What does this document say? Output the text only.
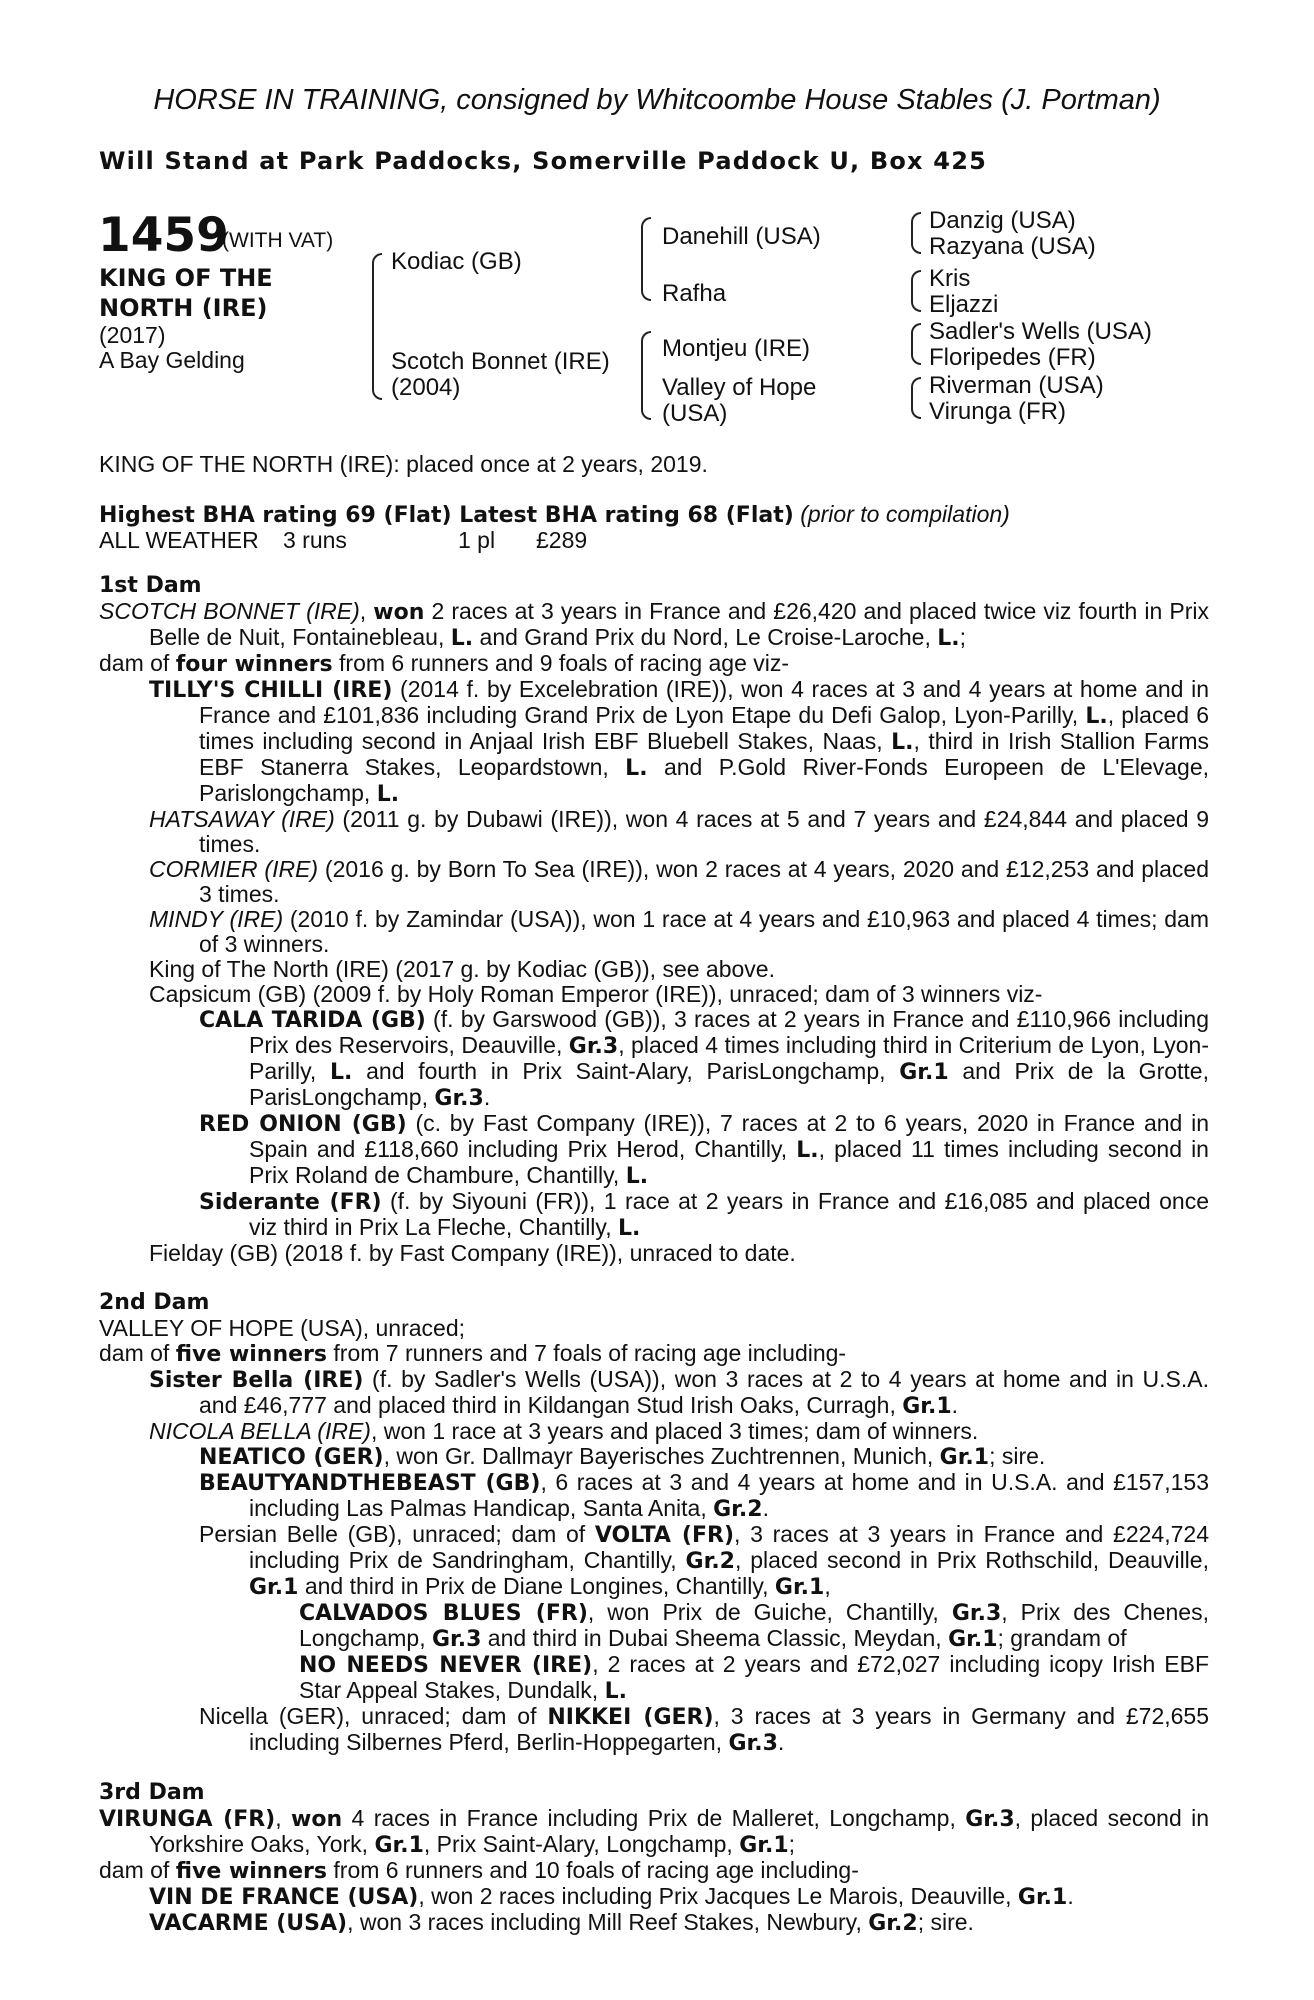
HORSE IN TRAINING, consigned by Whitcoombe House Stables (J. Portman)
Will Stand at Park Paddocks, Somerville Paddock U, Box 425
1459
(WITH VAT)
KING OF THE
NORTH (IRE)
(2017)
A Bay Gelding
Kodiac (GB)
Scotch Bonnet (IRE)
(2004)
Danehill (USA)
Rafha
Montjeu (IRE)
Valley of Hope
(USA)
Danzig (USA)
Razyana (USA)
Kris
Eljazzi
Sadler's Wells (USA)
Floripedes (FR)
Riverman (USA)
Virunga (FR)

KING OF THE NORTH (IRE): placed once at 2 years, 2019.

Highest BHA rating 69 (Flat) Latest BHA rating 68 (Flat) (prior to compilation)

ALL WEATHER 3 runs	1 pl £289

1st Dam

SCOTCH BONNET (IRE), won 2 races at 3 years in France and £26,420 and placed twice viz fourth in Prix Belle de Nuit, Fontainebleau, L. and Grand Prix du Nord, Le Croise-Laroche, L.;

dam of four winners from 6 runners and 9 foals of racing age viz-

TILLY'S CHILLI (IRE) (2014 f. by Excelebration (IRE)), won 4 races at 3 and 4 years at home and in France and £101,836 including Grand Prix de Lyon Etape du Defi Galop, Lyon-Parilly, L., placed 6 times including second in Anjaal Irish EBF Bluebell Stakes, Naas, L., third in Irish Stallion Farms EBF Stanerra Stakes, Leopardstown, L. and P.Gold River-Fonds Europeen de L'Elevage, Parislongchamp, L.

HATSAWAY (IRE) (2011 g. by Dubawi (IRE)), won 4 races at 5 and 7 years and £24,844 and placed 9 times.

CORMIER (IRE) (2016 g. by Born To Sea (IRE)), won 2 races at 4 years, 2020 and £12,253 and placed 3 times.

MINDY (IRE) (2010 f. by Zamindar (USA)), won 1 race at 4 years and £10,963 and placed 4 times; dam of 3 winners.

King of The North (IRE) (2017 g. by Kodiac (GB)), see above.

Capsicum (GB) (2009 f. by Holy Roman Emperor (IRE)), unraced; dam of 3 winners viz-

CALA TARIDA (GB) (f. by Garswood (GB)), 3 races at 2 years in France and £110,966 including Prix des Reservoirs, Deauville, Gr.3, placed 4 times including third in Criterium de Lyon, Lyon-Parilly, L. and fourth in Prix Saint-Alary, ParisLongchamp, Gr.1 and Prix de la Grotte, ParisLongchamp, Gr.3.

RED ONION (GB) (c. by Fast Company (IRE)), 7 races at 2 to 6 years, 2020 in France and in Spain and £118,660 including Prix Herod, Chantilly, L., placed 11 times including second in Prix Roland de Chambure, Chantilly, L.

Siderante (FR) (f. by Siyouni (FR)), 1 race at 2 years in France and £16,085 and placed once viz third in Prix La Fleche, Chantilly, L.

Fielday (GB) (2018 f. by Fast Company (IRE)), unraced to date.

2nd Dam

VALLEY OF HOPE (USA), unraced;

dam of five winners from 7 runners and 7 foals of racing age including-

Sister Bella (IRE) (f. by Sadler's Wells (USA)), won 3 races at 2 to 4 years at home and in U.S.A. and £46,777 and placed third in Kildangan Stud Irish Oaks, Curragh, Gr.1.

NICOLA BELLA (IRE), won 1 race at 3 years and placed 3 times; dam of winners.

NEATICO (GER), won Gr. Dallmayr Bayerisches Zuchtrennen, Munich, Gr.1; sire.

BEAUTYANDTHEBEAST (GB), 6 races at 3 and 4 years at home and in U.S.A. and £157,153 including Las Palmas Handicap, Santa Anita, Gr.2.

Persian Belle (GB), unraced; dam of VOLTA (FR), 3 races at 3 years in France and £224,724 including Prix de Sandringham, Chantilly, Gr.2, placed second in Prix Rothschild, Deauville, Gr.1 and third in Prix de Diane Longines, Chantilly, Gr.1,

CALVADOS BLUES (FR), won Prix de Guiche, Chantilly, Gr.3, Prix des Chenes, Longchamp, Gr.3 and third in Dubai Sheema Classic, Meydan, Gr.1; grandam of

NO NEEDS NEVER (IRE), 2 races at 2 years and £72,027 including icopy Irish EBF Star Appeal Stakes, Dundalk, L.

Nicella (GER), unraced; dam of NIKKEI (GER), 3 races at 3 years in Germany and £72,655 including Silbernes Pferd, Berlin-Hoppegarten, Gr.3.

3rd Dam

VIRUNGA (FR), won 4 races in France including Prix de Malleret, Longchamp, Gr.3, placed second in Yorkshire Oaks, York, Gr.1, Prix Saint-Alary, Longchamp, Gr.1;

dam of five winners from 6 runners and 10 foals of racing age including-

VIN DE FRANCE (USA), won 2 races including Prix Jacques Le Marois, Deauville, Gr.1.

VACARME (USA), won 3 races including Mill Reef Stakes, Newbury, Gr.2; sire.
